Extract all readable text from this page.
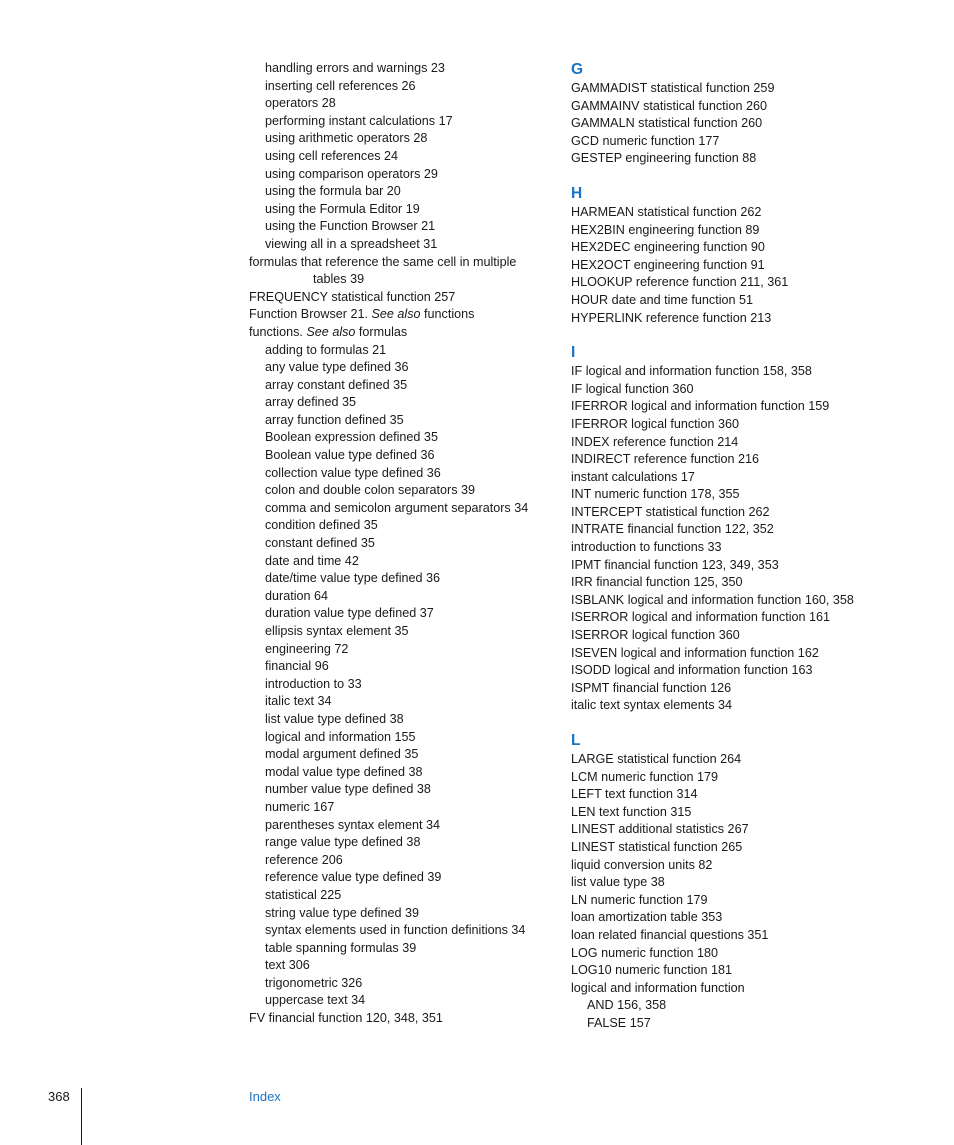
handling errors and warnings 23
inserting cell references 26
operators 28
performing instant calculations 17
using arithmetic operators 28
using cell references 24
using comparison operators 29
using the formula bar 20
using the Formula Editor 19
using the Function Browser 21
viewing all in a spreadsheet 31
formulas that reference the same cell in multiple
tables 39
FREQUENCY statistical function 257
Function Browser 21. See also functions
functions. See also formulas
adding to formulas 21
any value type defined 36
array constant defined 35
array defined 35
array function defined 35
Boolean expression defined 35
Boolean value type defined 36
collection value type defined 36
colon and double colon separators 39
comma and semicolon argument separators 34
condition defined 35
constant defined 35
date and time 42
date/time value type defined 36
duration 64
duration value type defined 37
ellipsis syntax element 35
engineering 72
financial 96
introduction to 33
italic text 34
list value type defined 38
logical and information 155
modal argument defined 35
modal value type defined 38
number value type defined 38
numeric 167
parentheses syntax element 34
range value type defined 38
reference 206
reference value type defined 39
statistical 225
string value type defined 39
syntax elements used in function definitions 34
table spanning formulas 39
text 306
trigonometric 326
uppercase text 34
FV financial function 120, 348, 351
G
GAMMADIST statistical function 259
GAMMAINV statistical function 260
GAMMALN statistical function 260
GCD numeric function 177
GESTEP engineering function 88
H
HARMEAN statistical function 262
HEX2BIN engineering function 89
HEX2DEC engineering function 90
HEX2OCT engineering function 91
HLOOKUP reference function 211, 361
HOUR date and time function 51
HYPERLINK reference function 213
I
IF logical and information function 158, 358
IF logical function 360
IFERROR logical and information function 159
IFERROR logical function 360
INDEX reference function 214
INDIRECT reference function 216
instant calculations 17
INT numeric function 178, 355
INTERCEPT statistical function 262
INTRATE financial function 122, 352
introduction to functions 33
IPMT financial function 123, 349, 353
IRR financial function 125, 350
ISBLANK logical and information function 160, 358
ISERROR logical and information function 161
ISERROR logical function 360
ISEVEN logical and information function 162
ISODD logical and information function 163
ISPMT financial function 126
italic text syntax elements 34
L
LARGE statistical function 264
LCM numeric function 179
LEFT text function 314
LEN text function 315
LINEST additional statistics 267
LINEST statistical function 265
liquid conversion units 82
list value type 38
LN numeric function 179
loan amortization table 353
loan related financial questions 351
LOG numeric function 180
LOG10 numeric function 181
logical and information function
AND 156, 358
FALSE 157
368	Index
